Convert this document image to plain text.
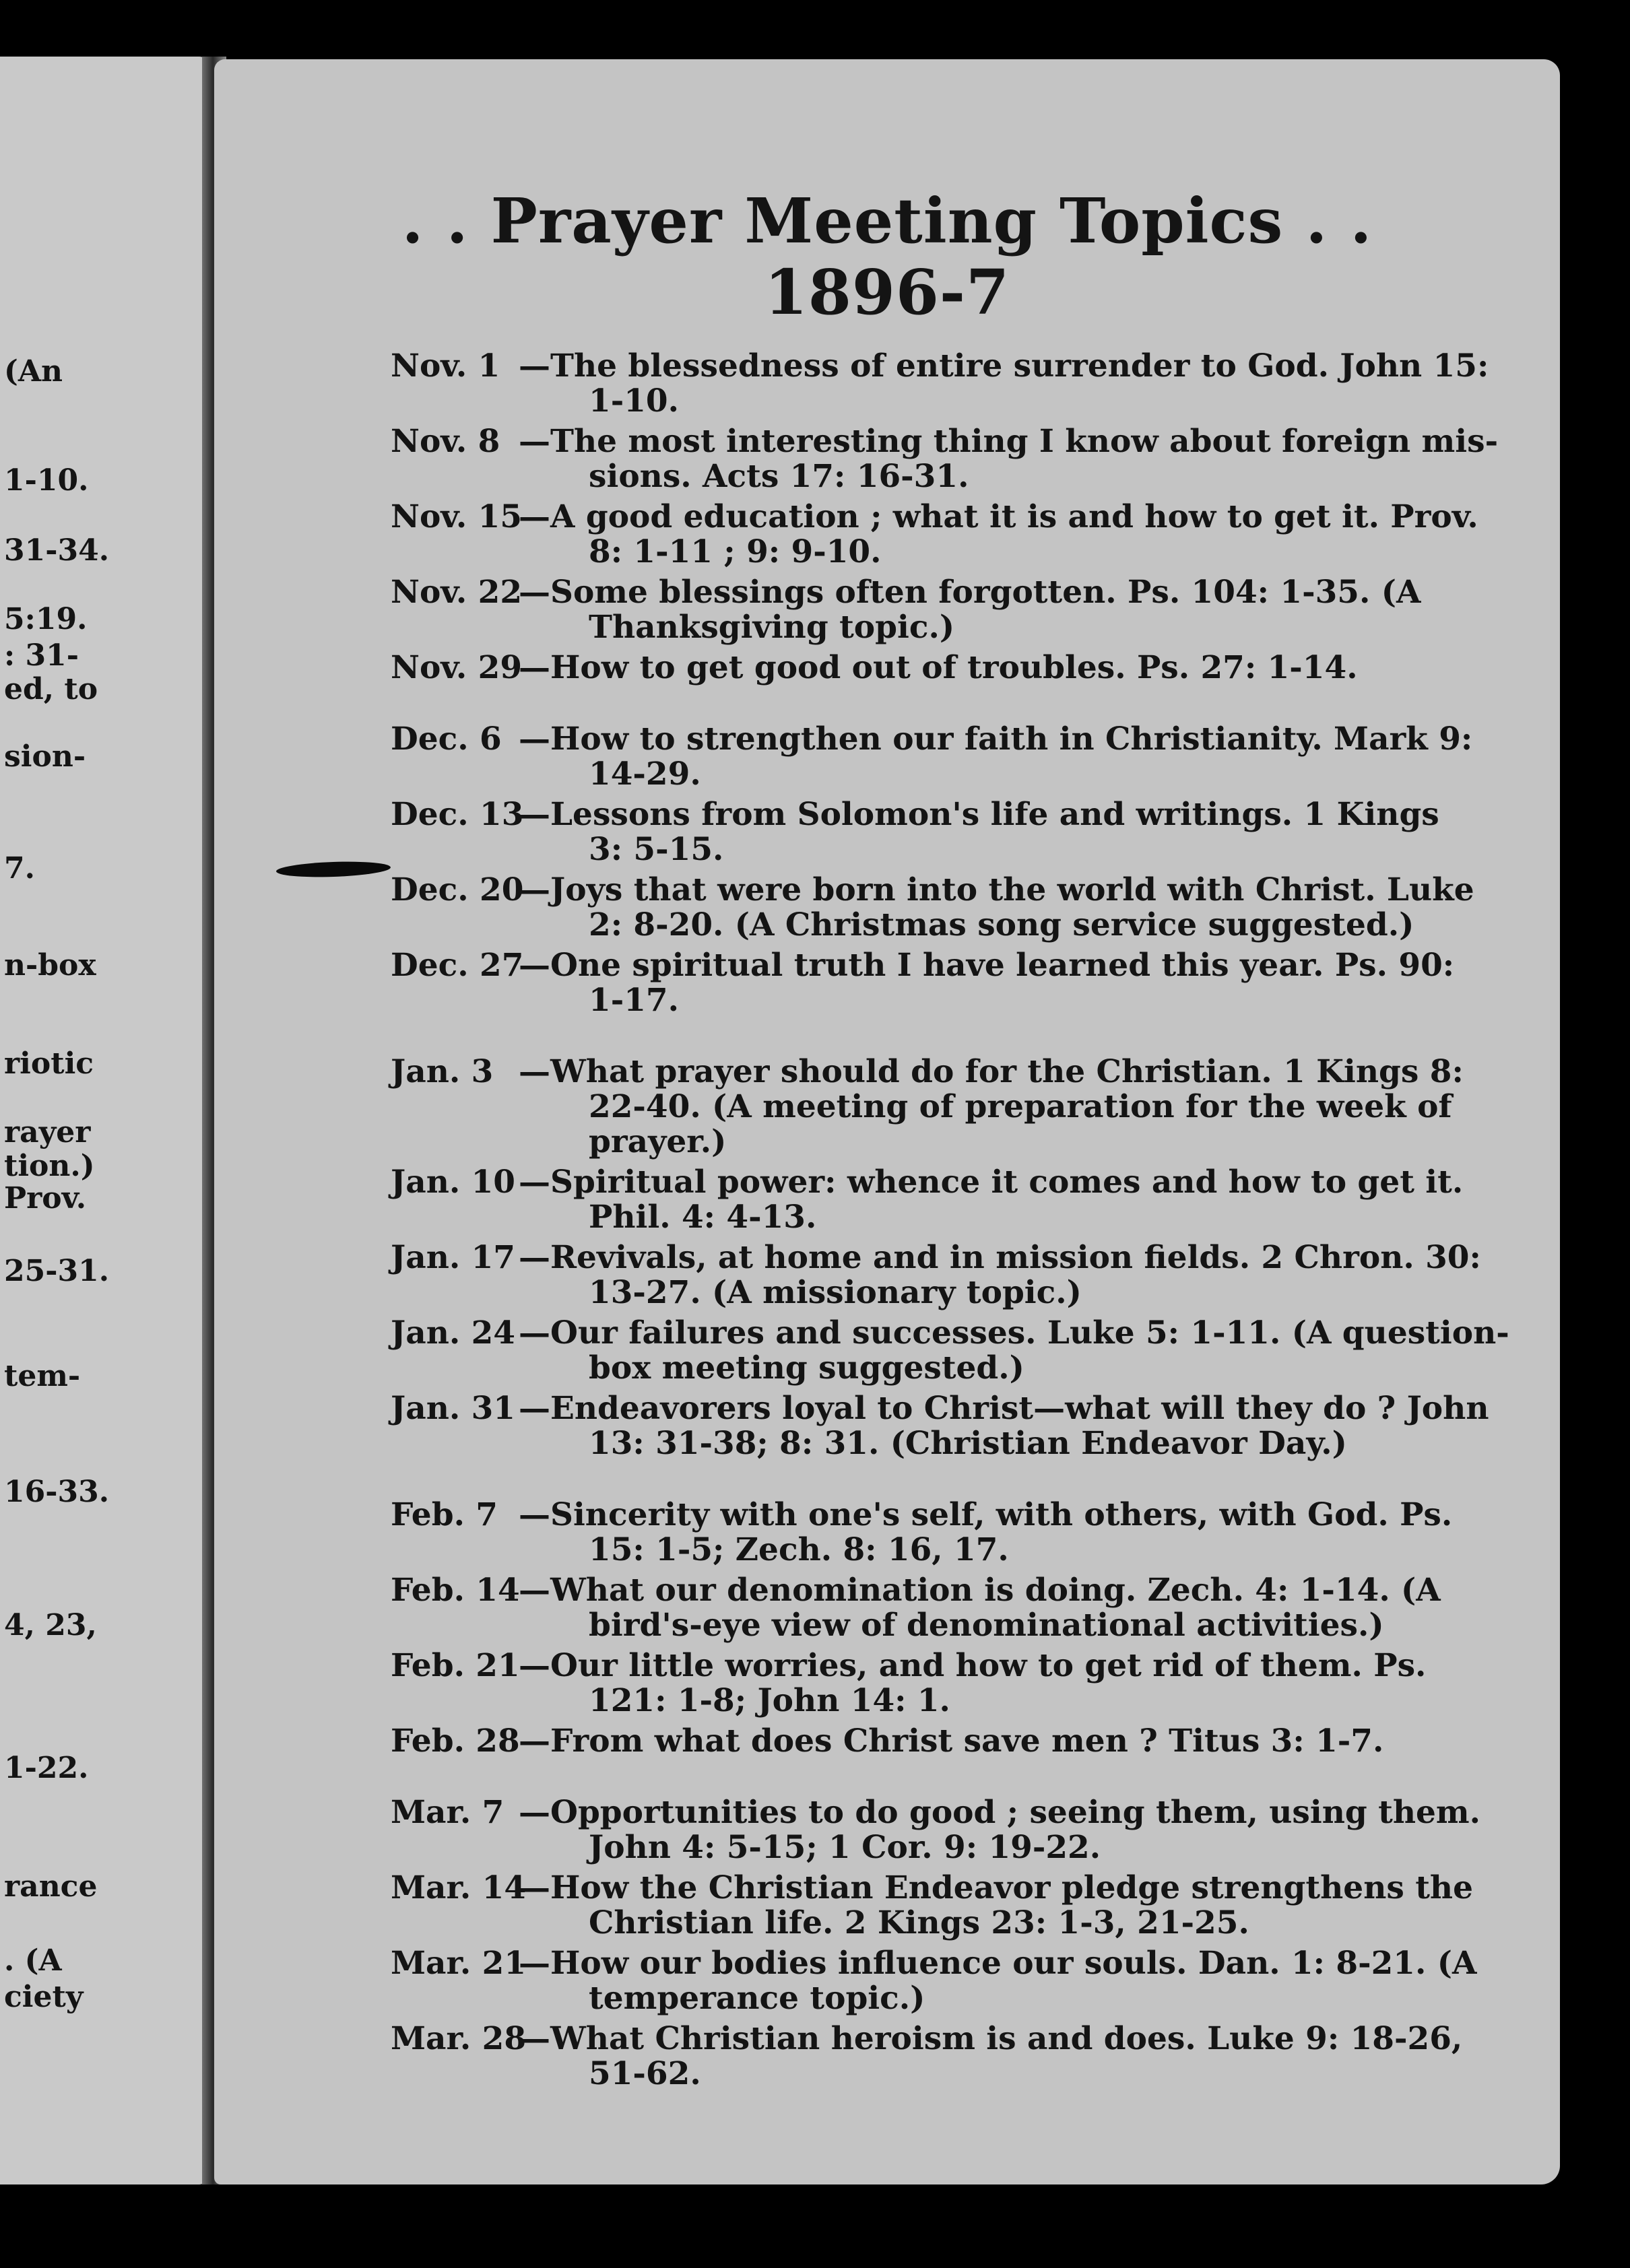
(An
1-10.
31-34.
5:19.
: 31-
ed, to
sion-
7.
n-box
riotic
rayer
tion.)
Prov.
25-31.
tem-
16-33.
4, 23,
1-22.
rance
. (A
ciety
. . Prayer Meeting Topics . .
1896-7
Nov. 1 —The blessedness of entire surrender to God. John 15:
1-10.
Nov. 8 —The most interesting thing I know about foreign mis-
sions. Acts 17: 16-31.
Nov. 15—A good education ; what it is and how to get it. Prov.
8: 1-11 ; 9: 9-10.
Nov. 22—Some blessings often forgotten. Ps. 104: 1-35. (A
Thanksgiving topic.)
Nov. 29—How to get good out of troubles. Ps. 27: 1-14.
Dec. 6 —How to strengthen our faith in Christianity. Mark 9:
14-29.
Dec. 13—Lessons from Solomon's life and writings. 1 Kings
3: 5-15.
Dec. 20—Joys that were born into the world with Christ. Luke
2: 8-20. (A Christmas song service suggested.)
Dec. 27—One spiritual truth I have learned this year. Ps. 90:
1-17.
Jan. 3 —What prayer should do for the Christian. 1 Kings 8:
22-40. (A meeting of preparation for the week of
prayer.)
Jan. 10 —Spiritual power: whence it comes and how to get it.
Phil. 4: 4-13.
Jan. 17 —Revivals, at home and in mission fields. 2 Chron. 30:
13-27. (A missionary topic.)
Jan. 24 —Our failures and successes. Luke 5: 1-11. (A question-
box meeting suggested.)
Jan. 31 —Endeavorers loyal to Christ—what will they do ? John
13: 31-38; 8: 31. (Christian Endeavor Day.)
Feb. 7 —Sincerity with one's self, with others, with God. Ps.
15: 1-5; Zech. 8: 16, 17.
Feb. 14—What our denomination is doing. Zech. 4: 1-14. (A
bird's-eye view of denominational activities.)
Feb. 21—Our little worries, and how to get rid of them. Ps.
121: 1-8; John 14: 1.
Feb. 28—From what does Christ save men ? Titus 3: 1-7.
Mar. 7 —Opportunities to do good ; seeing them, using them.
John 4: 5-15; 1 Cor. 9: 19-22.
Mar. 14—How the Christian Endeavor pledge strengthens the
Christian life. 2 Kings 23: 1-3, 21-25.
Mar. 21—How our bodies influence our souls. Dan. 1: 8-21. (A
temperance topic.)
Mar. 28—What Christian heroism is and does. Luke 9: 18-26,
51-62.
